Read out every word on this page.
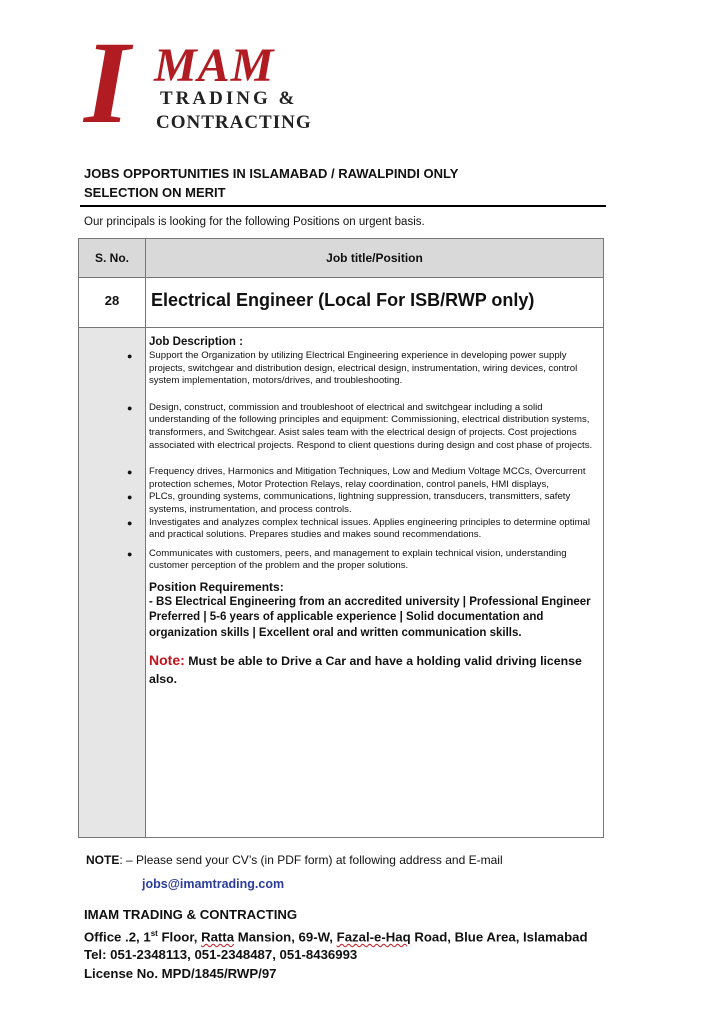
I MAM
TRADING &
CONTRACTING
JOBS OPPORTUNITIES IN ISLAMABAD / RAWALPINDI ONLY
SELECTION ON MERIT
Our principals is looking for the following Positions on urgent basis.
S. No.	Job title/Position
28	Electrical Engineer (Local For ISB/RWP only)
Job Description :
● Support the Organization by utilizing Electrical Engineering experience in developing power supply projects, switchgear and distribution design, electrical design, instrumentation, wiring devices, control system implementation, motors/drives, and troubleshooting.
● Design, construct, commission and troubleshoot of electrical and switchgear including a solid understanding of the following principles and equipment: Commissioning, electrical distribution systems, transformers, and Switchgear. Asist sales team with the electrical design of projects. Cost projections associated with electrical projects. Respond to client questions during design and cost phase of projects.
● Frequency drives, Harmonics and Mitigation Techniques, Low and Medium Voltage MCCs, Overcurrent protection schemes, Motor Protection Relays, relay coordination, control panels, HMI displays,
● PLCs, grounding systems, communications, lightning suppression, transducers, transmitters, safety systems, instrumentation, and process controls.
● Investigates and analyzes complex technical issues. Applies engineering principles to determine optimal and practical solutions. Prepares studies and makes sound recommendations.
● Communicates with customers, peers, and management to explain technical vision, understanding customer perception of the problem and the proper solutions.
Position Requirements:
- BS Electrical Engineering from an accredited university | Professional Engineer Preferred | 5-6 years of applicable experience | Solid documentation and organization skills | Excellent oral and written communication skills.
Note: Must be able to Drive a Car and have a holding valid driving license also.
NOTE: – Please send your CV’s (in PDF form) at following address and E-mail
jobs@imamtrading.com
IMAM TRADING & CONTRACTING
Office .2, 1st Floor, Ratta Mansion, 69-W, Fazal-e-Haq Road, Blue Area, Islamabad
Tel: 051-2348113, 051-2348487, 051-8436993
License No. MPD/1845/RWP/97
